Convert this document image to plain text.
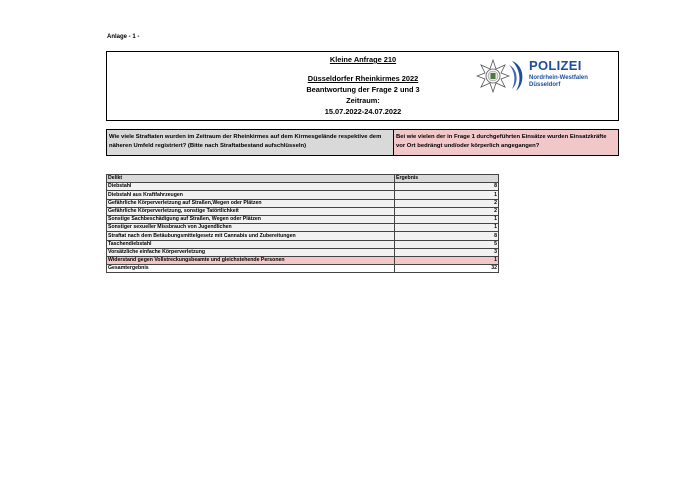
Anlage - 1 -
Kleine Anfrage 210
Düsseldorfer Rheinkirmes 2022
Beantwortung der Frage 2 und 3
Zeitraum:
15.07.2022-24.07.2022
POLIZEI
Nordrhein-Westfalen
Düsseldorf
Wie viele Straftaten wurden im Zeitraum der Rheinkirmes auf dem Kirmesgelände respektive dem näheren Umfeld registriert? (Bitte nach Straftatbestand aufschlüsseln)
Bei wie vielen der in Frage 1 durchgeführten Einsätze wurden Einsatzkräfte vor Ort bedrängt und/oder körperlich angegangen?
Delikt	Ergebnis
Diebstahl	8
Diebstahl aus Kraftfahrzeugen	1
Gefährliche Körperverletzung auf Straßen,Wegen oder Plätzen	2
Gefährliche Körperverletzung, sonstige Tatörtlichkeit	2
Sonstige Sachbeschädigung auf Straßen, Wegen oder Plätzen	1
Sonstiger sexueller Missbrauch von Jugendlichen	1
Straftat nach dem Betäubungsmittelgesetz mit Cannabis und Zubereitungen	8
Taschendiebstahl	5
Vorsätzliche einfache Körperverletzung	3
Widerstand gegen Vollstreckungsbeamte und gleichstehende Personen	1
Gesamtergebnis	32
